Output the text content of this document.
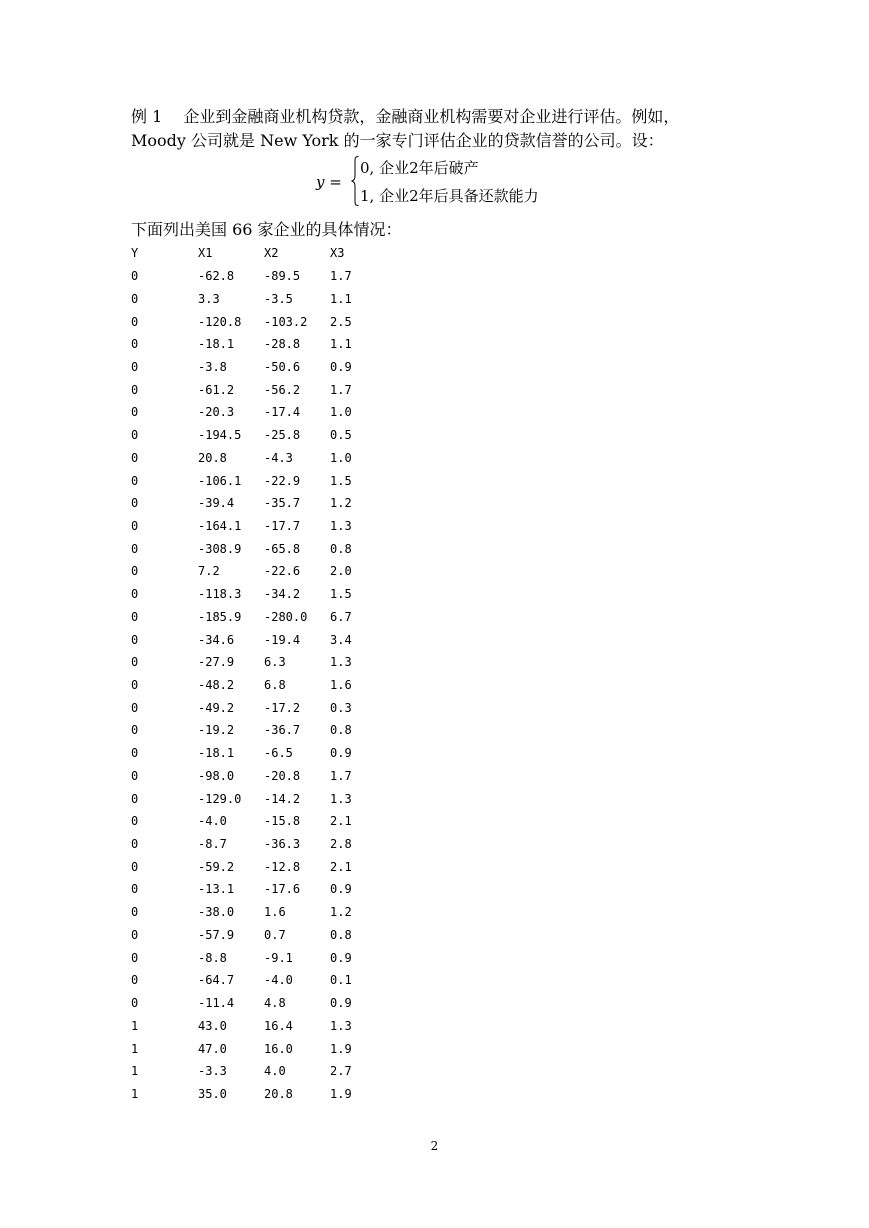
例 1　 企业到金融商业机构贷款，金融商业机构需要对企业进行评估。例如，
Moody 公司就是 New York 的一家专门评估企业的贷款信誉的公司。设：
y =
0, 企业2年后破产
1, 企业2年后具备还款能力
下面列出美国 66 家企业的具体情况：
Y	X1	X2	X3
0	-62.8	-89.5	1.7
0	3.3	-3.5	1.1
0	-120.8	-103.2	2.5
0	-18.1	-28.8	1.1
0	-3.8	-50.6	0.9
0	-61.2	-56.2	1.7
0	-20.3	-17.4	1.0
0	-194.5	-25.8	0.5
0	20.8	-4.3	1.0
0	-106.1	-22.9	1.5
0	-39.4	-35.7	1.2
0	-164.1	-17.7	1.3
0	-308.9	-65.8	0.8
0	7.2	-22.6	2.0
0	-118.3	-34.2	1.5
0	-185.9	-280.0	6.7
0	-34.6	-19.4	3.4
0	-27.9	6.3	1.3
0	-48.2	6.8	1.6
0	-49.2	-17.2	0.3
0	-19.2	-36.7	0.8
0	-18.1	-6.5	0.9
0	-98.0	-20.8	1.7
0	-129.0	-14.2	1.3
0	-4.0	-15.8	2.1
0	-8.7	-36.3	2.8
0	-59.2	-12.8	2.1
0	-13.1	-17.6	0.9
0	-38.0	1.6	1.2
0	-57.9	0.7	0.8
0	-8.8	-9.1	0.9
0	-64.7	-4.0	0.1
0	-11.4	4.8	0.9
1	43.0	16.4	1.3
1	47.0	16.0	1.9
1	-3.3	4.0	2.7
1	35.0	20.8	1.9
2
